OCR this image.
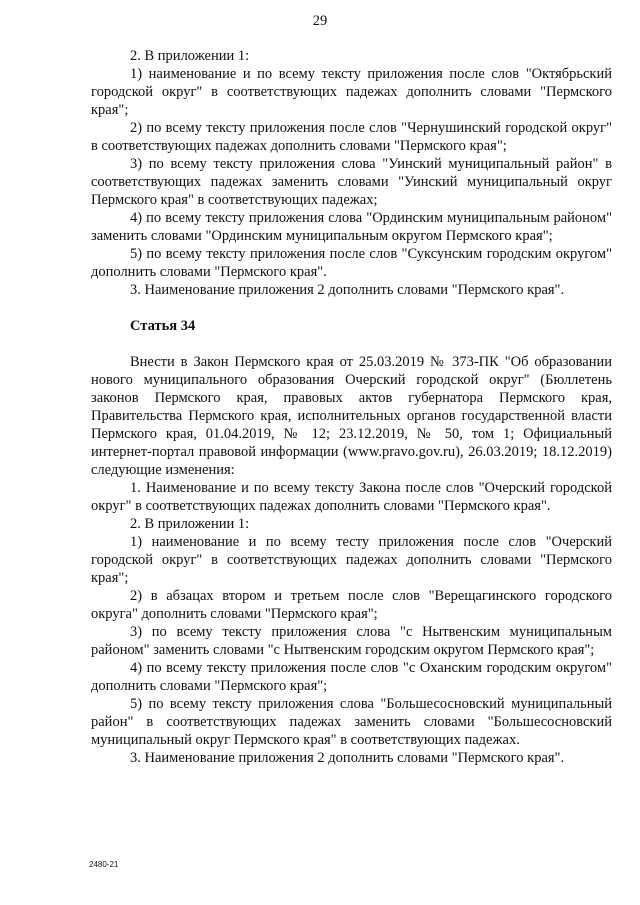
29

2. В приложении 1:

1) наименование и по всему тексту приложения после слов "Октябрьский городской округ" в соответствующих падежах дополнить словами "Пермского края";

2) по всему тексту приложения после слов "Чернушинский городской округ" в соответствующих падежах дополнить словами "Пермского края";

3) по всему тексту приложения слова "Уинский муниципальный район" в соответствующих падежах заменить словами "Уинский муниципальный округ Пермского края" в соответствующих падежах;

4) по всему тексту приложения слова "Ординским муниципальным районом" заменить словами "Ординским муниципальным округом Пермского края";

5) по всему тексту приложения после слов "Суксунским городским округом" дополнить словами "Пермского края".

3. Наименование приложения 2 дополнить словами "Пермского края".

Статья 34

Внести в Закон Пермского края от 25.03.2019 № 373-ПК "Об образовании нового муниципального образования Очерский городской округ" (Бюллетень законов Пермского края, правовых актов губернатора Пермского края, Правительства Пермского края, исполнительных органов государственной власти Пермского края, 01.04.2019, № 12; 23.12.2019, № 50, том 1; Официальный интернет-портал правовой информации (www.pravo.gov.ru), 26.03.2019; 18.12.2019) следующие изменения:

1. Наименование и по всему тексту Закона после слов "Очерский городской округ" в соответствующих падежах дополнить словами "Пермского края".

2. В приложении 1:

1) наименование и по всему тесту приложения после слов "Очерский городской округ" в соответствующих падежах дополнить словами "Пермского края";

2) в абзацах втором и третьем после слов "Верещагинского городского округа" дополнить словами "Пермского края";

3) по всему тексту приложения слова "с Нытвенским муниципальным районом" заменить словами "с Нытвенским городским округом Пермского края";

4) по всему тексту приложения после слов "с Оханским городским округом" дополнить словами "Пермского края";

5) по всему тексту приложения слова "Большесосновский муниципальный район" в соответствующих падежах заменить словами "Большесосновский муниципальный округ Пермского края" в соответствующих падежах.

3. Наименование приложения 2 дополнить словами "Пермского края".

2480-21
